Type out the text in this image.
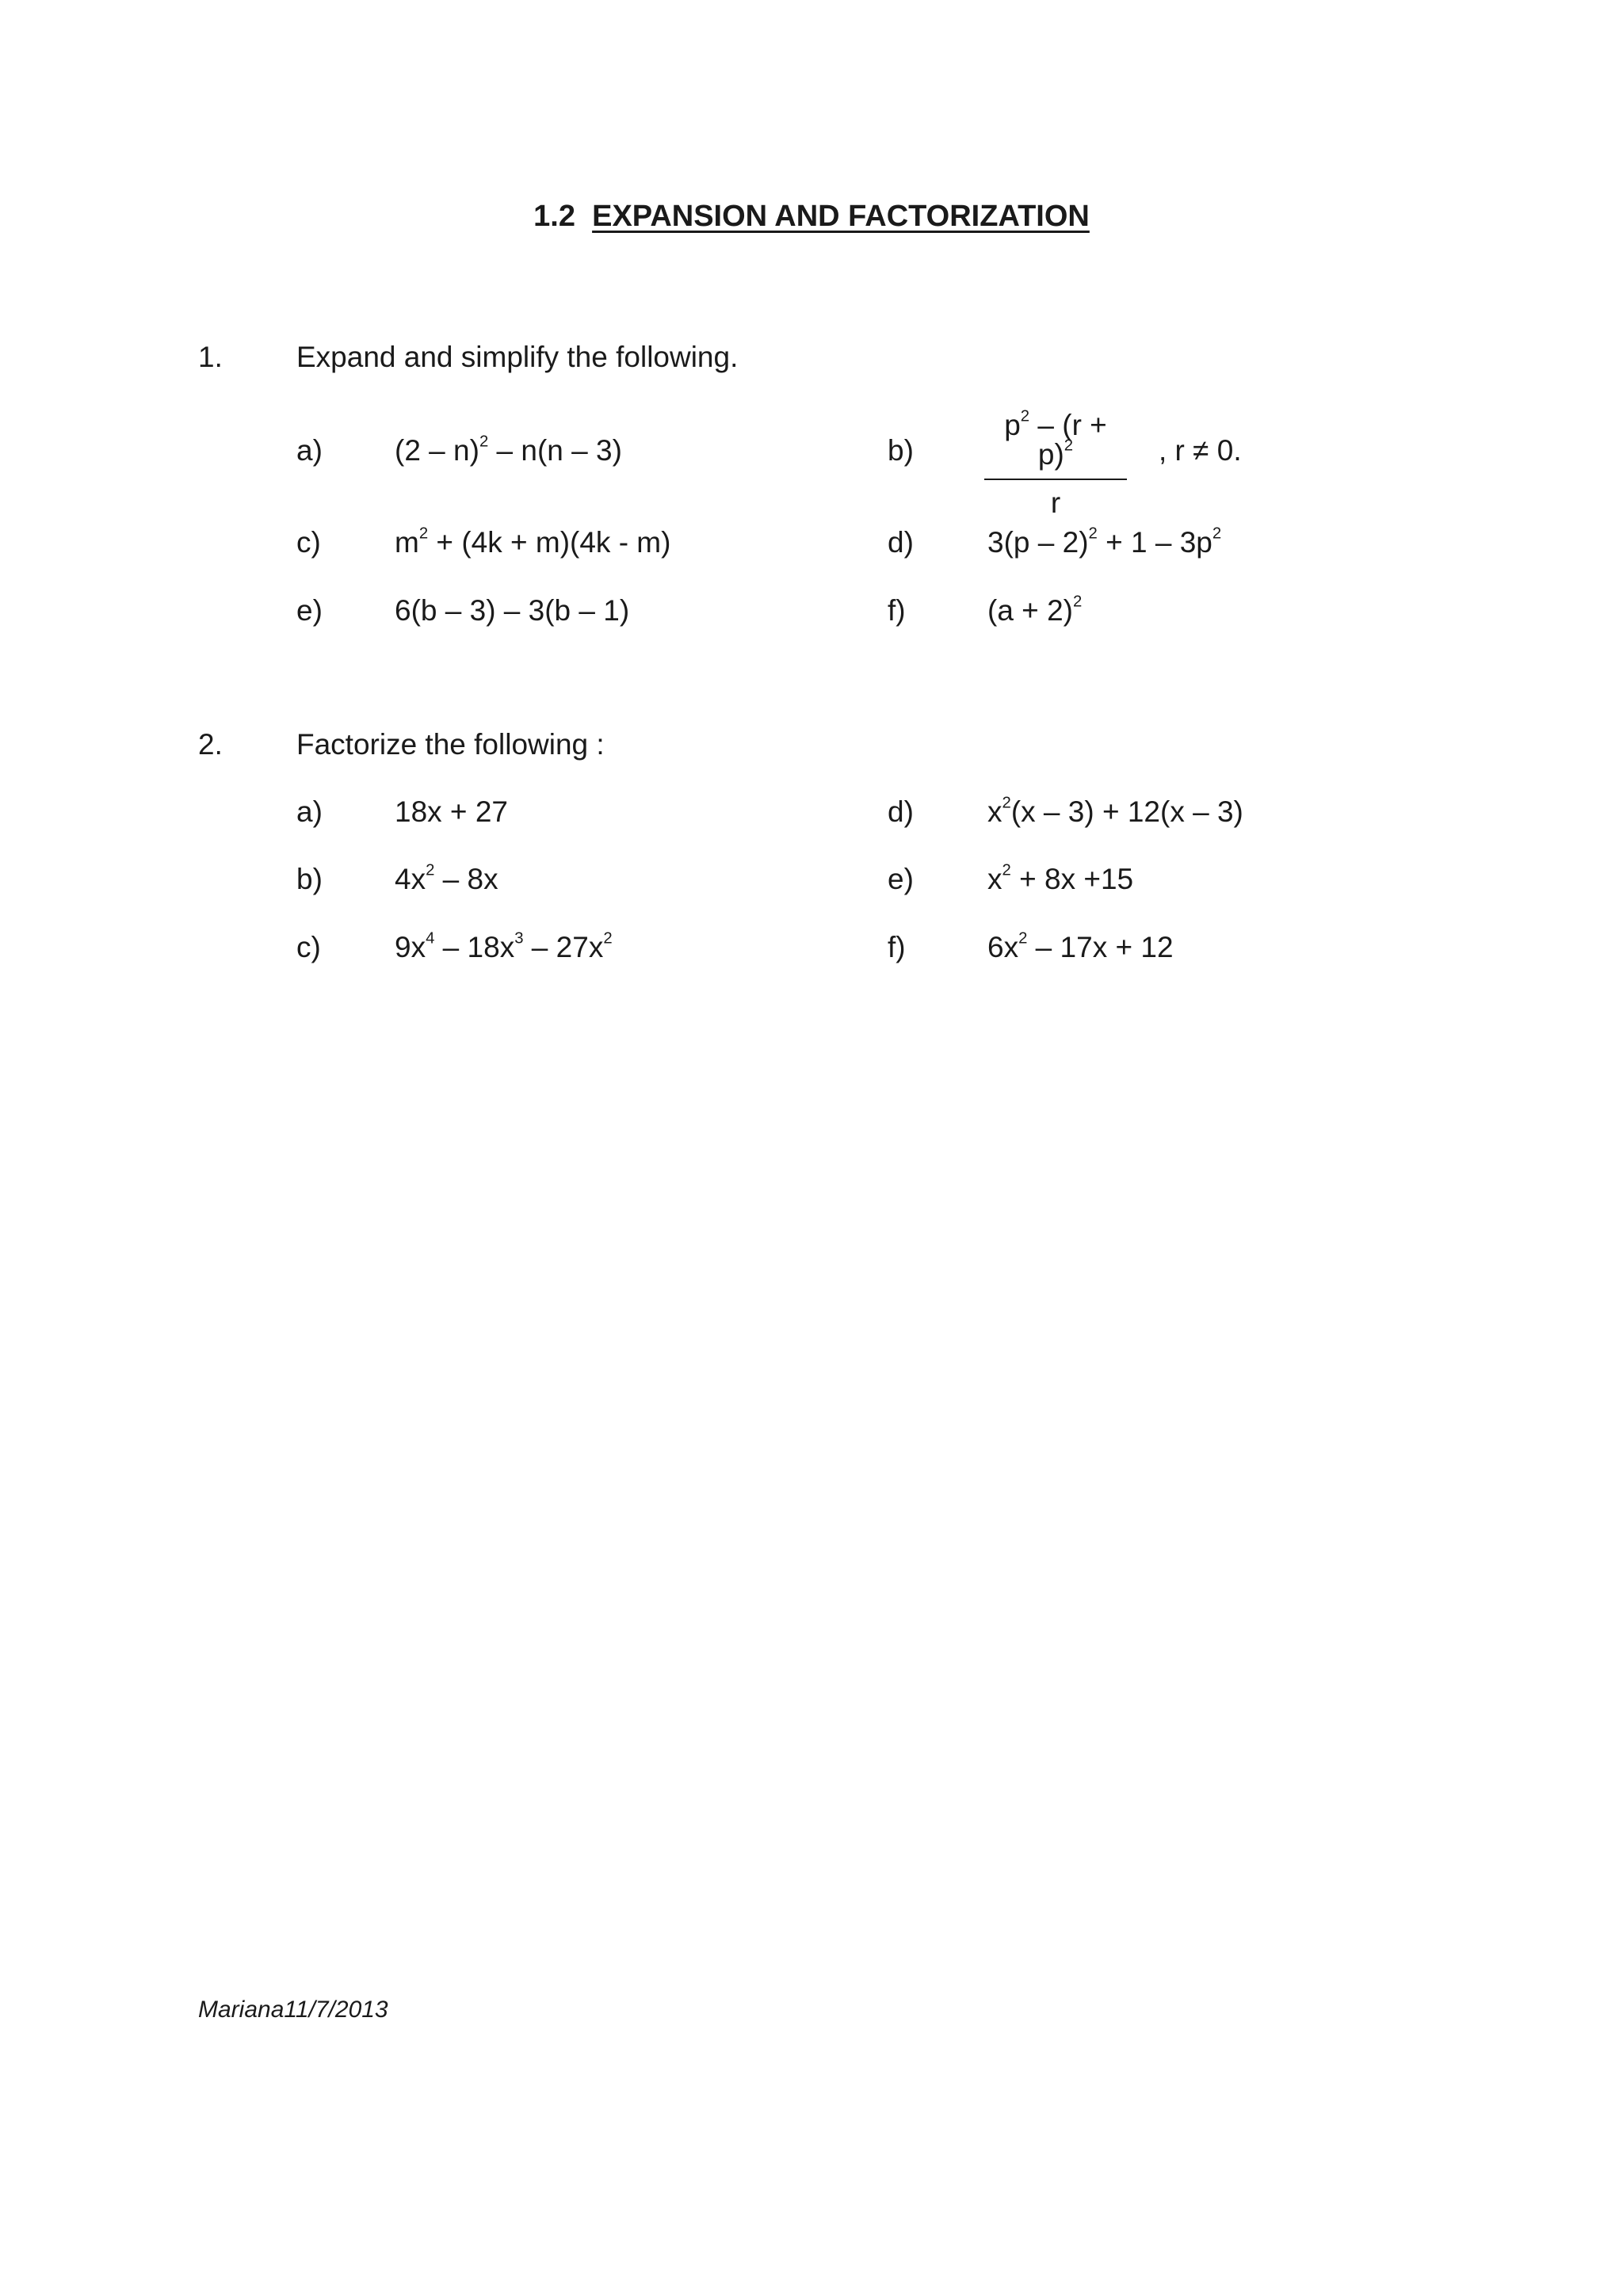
1.2 EXPANSION AND FACTORIZATION
1.	Expand and simplify the following.
a) (2 – n)$^2$ – n(n – 3)	b)
$p^2 - (r + p)^2$
r
, r ≠ 0.
c)	$m^2 + (4k + m)(4k - m)$	d)	$3(p - 2)^2 + 1 - 3p^2$
e) 6(b – 3) – 3(b – 1)	f)	$(a + 2)^2$
2.	Factorize the following :
a) 18x + 27	d)	$x^2(x - 3) + 12(x - 3)$
b) $4x^2 - 8x$	e)	$x^2 + 8x +15$
c)	$9x^4 - 18x^3 - 27x^2$	f)	$6x^2 - 17x + 12$
Mariana11/7/2013
